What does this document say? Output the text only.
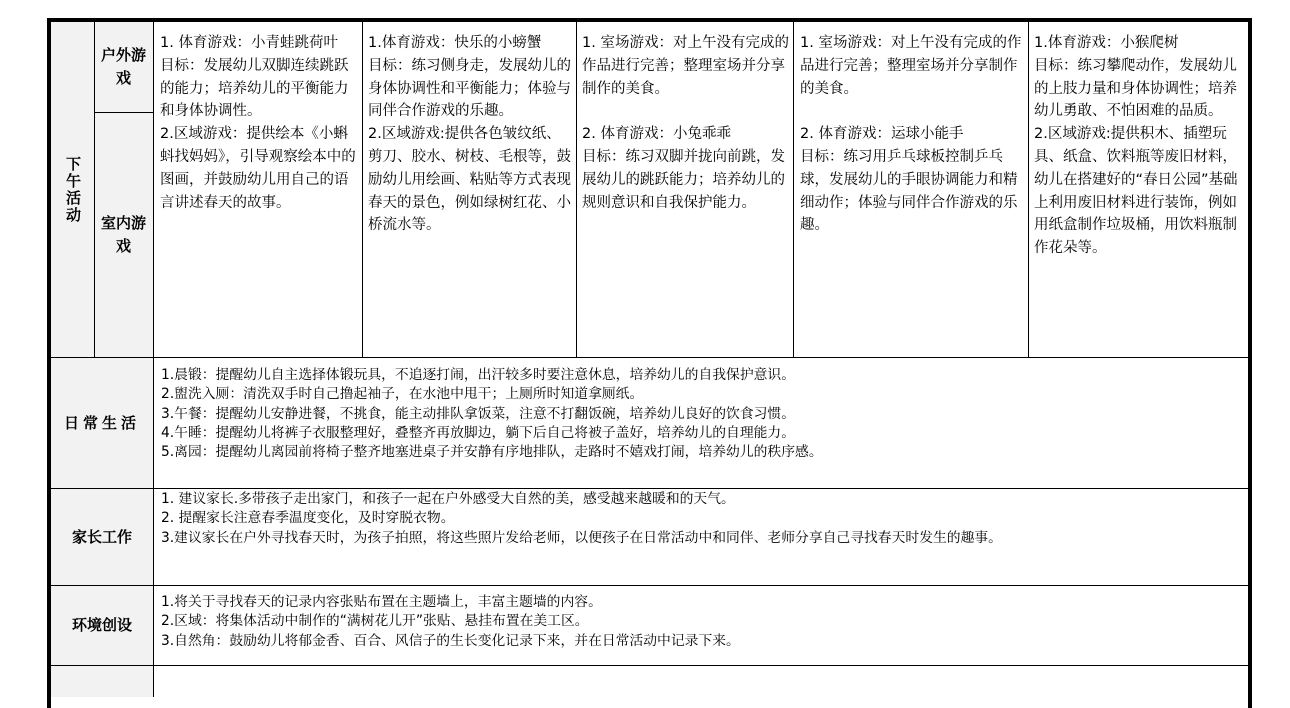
下午活动
户外游戏
室内游戏

1. 体育游戏：小青蛙跳荷叶

目标：发展幼儿双脚连续跳跃的能力；培养幼儿的平衡能力和身体协调性。

2.区域游戏：提供绘本《小蝌蚪找妈妈》，引导观察绘本中的图画，并鼓励幼儿用自己的语言讲述春天的故事。

1.体育游戏：快乐的小螃蟹

目标：练习侧身走，发展幼儿的身体协调性和平衡能力；体验与同伴合作游戏的乐趣。

2.区域游戏:提供各色皱纹纸、剪刀、胶水、树枝、毛根等，鼓励幼儿用绘画、粘贴等方式表现春天的景色，例如绿树红花、小桥流水等。

1. 室场游戏：对上午没有完成的作品进行完善；整理室场并分享制作的美食。

2. 体育游戏：小兔乖乖

目标：练习双脚并拢向前跳，发展幼儿的跳跃能力；培养幼儿的规则意识和自我保护能力。

1. 室场游戏：对上午没有完成的作品进行完善；整理室场并分享制作的美食。

2. 体育游戏：运球小能手

目标：练习用乒乓球板控制乒乓球，发展幼儿的手眼协调能力和精细动作；体验与同伴合作游戏的乐趣。

1.体育游戏：小猴爬树

目标：练习攀爬动作，发展幼儿的上肢力量和身体协调性；培养幼儿勇敢、不怕困难的品质。

2.区域游戏:提供积木、插塑玩具、纸盒、饮料瓶等废旧材料，幼儿在搭建好的“春日公园”基础上利用废旧材料进行装饰，例如用纸盒制作垃圾桶，用饮料瓶制作花朵等。

日常生活

1.晨锻：提醒幼儿自主选择体锻玩具，不追逐打闹，出汗较多时要注意休息，培养幼儿的自我保护意识。

2.盥洗入厕：清洗双手时自己撸起袖子，在水池中甩干；上厕所时知道拿厕纸。

3.午餐：提醒幼儿安静进餐，不挑食，能主动排队拿饭菜，注意不打翻饭碗，培养幼儿良好的饮食习惯。

4.午睡：提醒幼儿将裤子衣服整理好，叠整齐再放脚边，躺下后自己将被子盖好，培养幼儿的自理能力。

5.离园：提醒幼儿离园前将椅子整齐地塞进桌子并安静有序地排队，走路时不嬉戏打闹，培养幼儿的秩序感。

家长工作

1. 建议家长.多带孩子走出家门，和孩子一起在户外感受大自然的美，感受越来越暖和的天气。

2. 提醒家长注意春季温度变化，及时穿脱衣物。

3.建议家长在户外寻找春天时，为孩子拍照，将这些照片发给老师，以便孩子在日常活动中和同伴、老师分享自己寻找春天时发生的趣事。

环境创设

1.将关于寻找春天的记录内容张贴布置在主题墙上，丰富主题墙的内容。

2.区域：将集体活动中制作的“满树花儿开”张贴、悬挂布置在美工区。

3.自然角：鼓励幼儿将郁金香、百合、风信子的生长变化记录下来，并在日常活动中记录下来。
